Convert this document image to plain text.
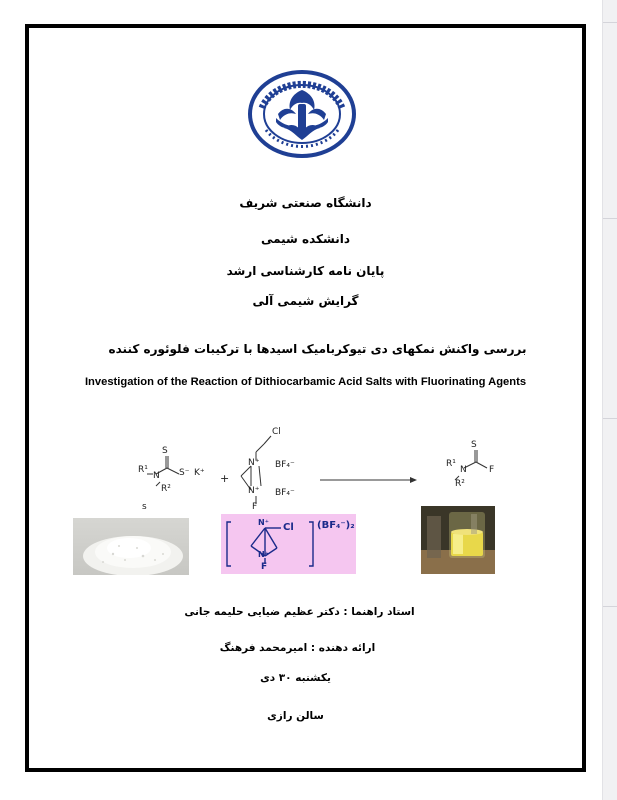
دانشگاه صنعتی شریف
دانشکده شیمی
پایان نامه کارشناسی ارشد
گرایش شیمی آلی
بررسی واکنش نمکهای دی تیوکربامیک اسیدها با ترکیبات فلوئوره کننده
Investigation of the Reaction of Dithiocarbamic Acid Salts with Fluorinating Agents
S
R¹
N
R²
S⁻ K⁺ +
Cl
N⁺ BF₄⁻
N⁺ BF₄⁻
F
S
R¹
N F
R²
s
Cl
N⁺
N⁺
F
(BF₄⁻)₂
استاد راهنما : دکتر عظیم ضیایی حلیمه جانی
ارائه دهنده : امیرمحمد فرهنگ
یکشنبه ۳۰ دی
سالن رازی
